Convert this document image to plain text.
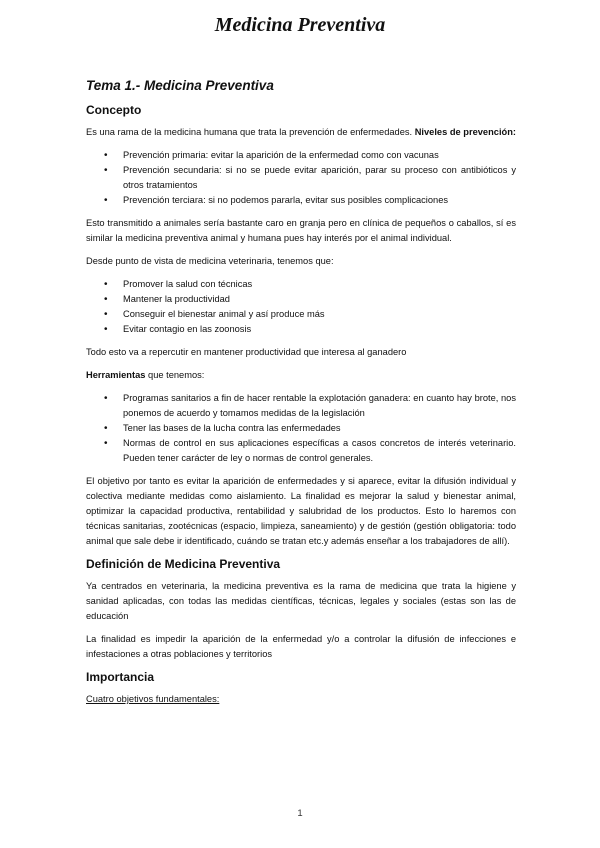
Medicina Preventiva
Tema 1.- Medicina Preventiva
Concepto

Es una rama de la medicina humana que trata la prevención de enfermedades. Niveles de prevención:

• Prevención primaria: evitar la aparición de la enfermedad como con vacunas
• Prevención secundaria: si no se puede evitar aparición, parar su proceso con antibióticos y otros tratamientos
• Prevención terciara: si no podemos pararla, evitar sus posibles complicaciones

Esto transmitido a animales sería bastante caro en granja pero en clínica de pequeños o caballos, sí es similar la medicina preventiva animal y humana pues hay interés por el animal individual.

Desde punto de vista de medicina veterinaria, tenemos que:

• Promover la salud con técnicas
• Mantener la productividad
• Conseguir el bienestar animal y así produce más
• Evitar contagio en las zoonosis

Todo esto va a repercutir en mantener productividad que interesa al ganadero

Herramientas que tenemos:

• Programas sanitarios a fin de hacer rentable la explotación ganadera: en cuanto hay brote, nos ponemos de acuerdo y tomamos medidas de la legislación
• Tener las bases de la lucha contra las enfermedades
• Normas de control en sus aplicaciones específicas a casos concretos de interés veterinario. Pueden tener carácter de ley o normas de control generales.

El objetivo por tanto es evitar la aparición de enfermedades y si aparece, evitar la difusión individual y colectiva mediante medidas como aislamiento. La finalidad es mejorar la salud y bienestar animal, optimizar la capacidad productiva, rentabilidad y salubridad de los productos. Esto lo haremos con técnicas sanitarias, zootécnicas (espacio, limpieza, saneamiento) y de gestión (gestión obligatoria: todo animal que sale debe ir identificado, cuándo se tratan etc.y además enseñar a los trabajadores de allí).

Definición de Medicina Preventiva

Ya centrados en veterinaria, la medicina preventiva es la rama de medicina que trata la higiene y sanidad aplicadas, con todas las medidas científicas, técnicas, legales y sociales (estas son las de educación

La finalidad es impedir la aparición de la enfermedad y/o a controlar la difusión de infecciones e infestaciones a otras poblaciones y territorios

Importancia

Cuatro objetivos fundamentales:

1
